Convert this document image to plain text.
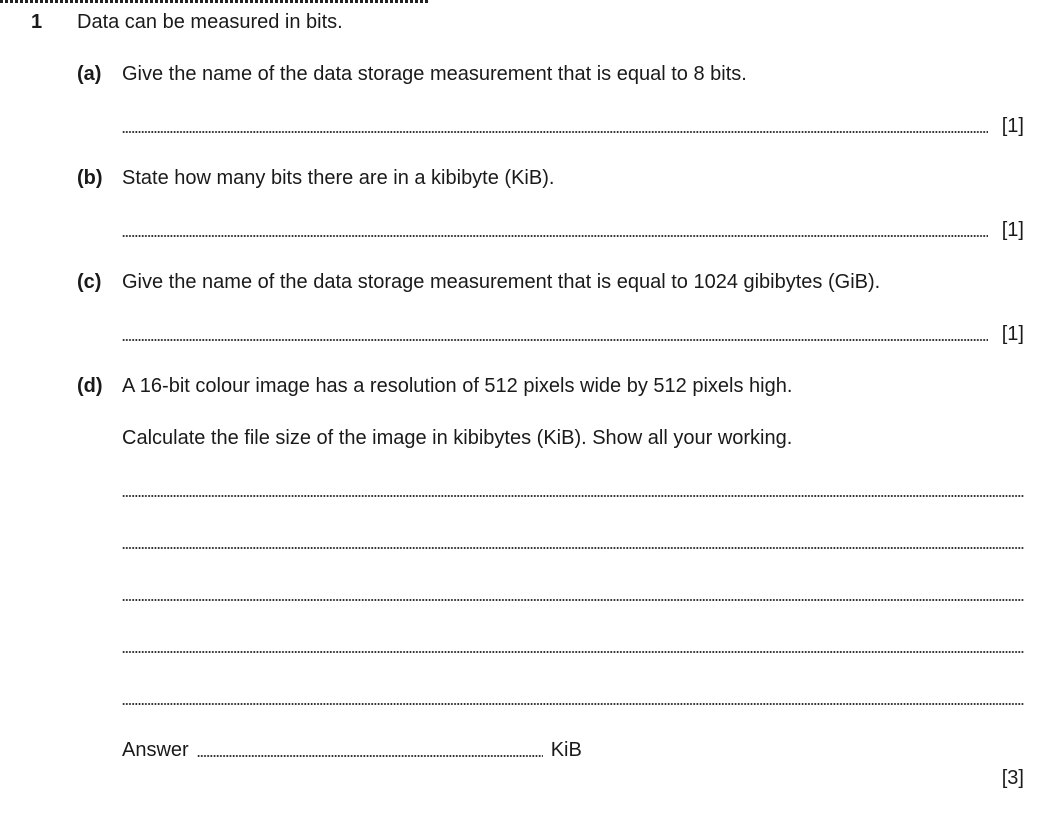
1 Data can be measured in bits.
(a) Give the name of the data storage measurement that is equal to 8 bits.
[1]
(b) State how many bits there are in a kibibyte (KiB).
[1]
(c) Give the name of the data storage measurement that is equal to 1024 gibibytes (GiB).
[1]
(d) A 16-bit colour image has a resolution of 512 pixels wide by 512 pixels high.
Calculate the file size of the image in kibibytes (KiB). Show all your working.
Answer	KiB
[3]
